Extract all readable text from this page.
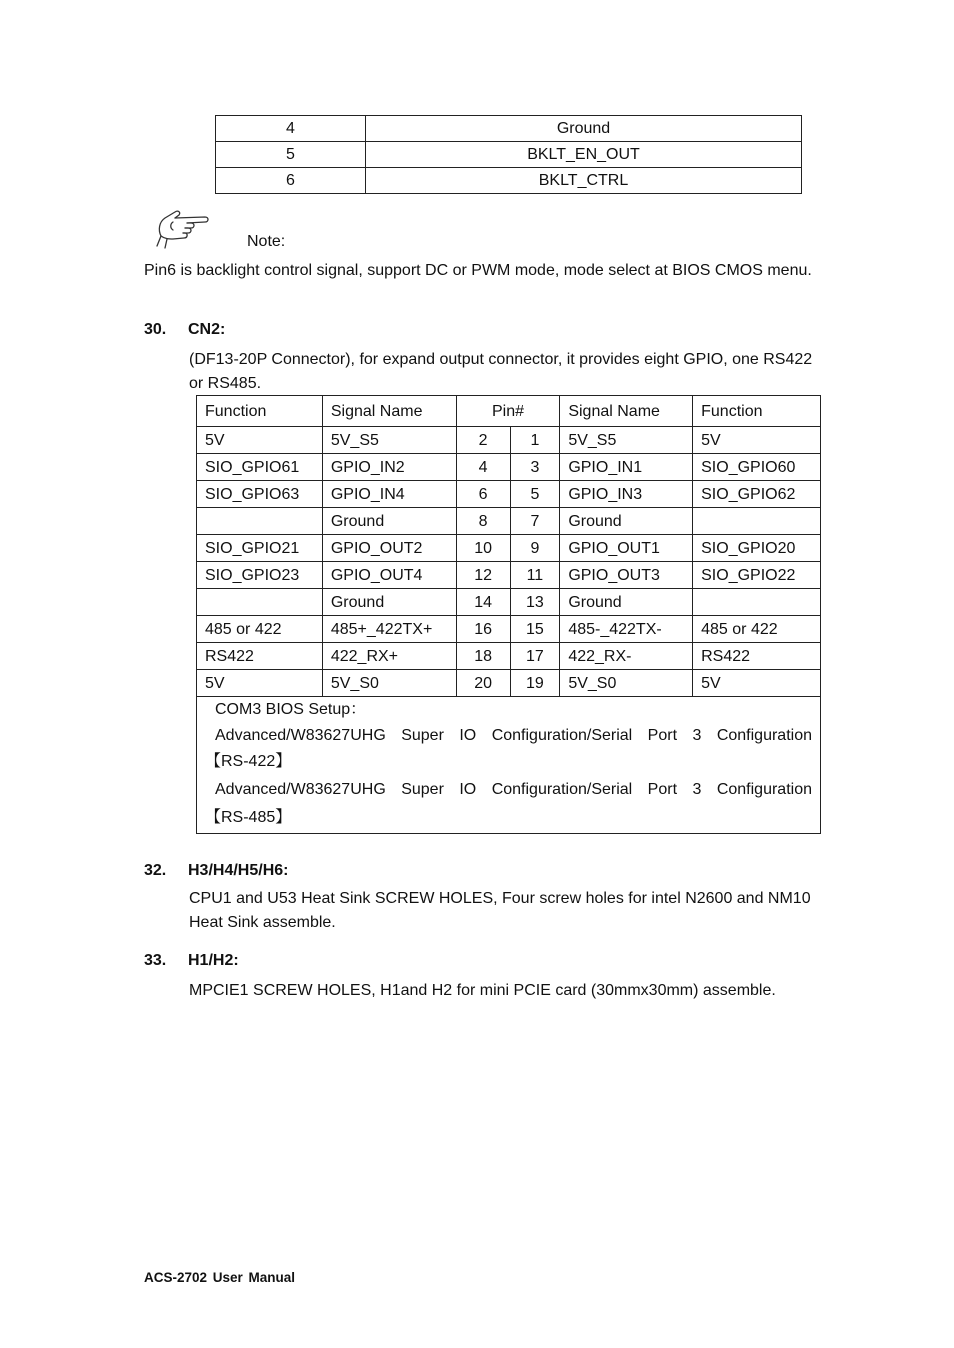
4	Ground
5	BKLT_EN_OUT
6	BKLT_CTRL
Note:
Pin6 is backlight control signal, support DC or PWM mode, mode select at BIOS CMOS menu.
30. CN2:
(DF13-20P Connector), for expand output connector, it provides eight GPIO, one RS422 or RS485.
Function	Signal Name	Pin#		Signal Name	Function
5V	5V_S5	2	1	5V_S5	5V
SIO_GPIO61	GPIO_IN2	4	3	GPIO_IN1	SIO_GPIO60
SIO_GPIO63	GPIO_IN4	6	5	GPIO_IN3	SIO_GPIO62
	Ground	8	7	Ground	
SIO_GPIO21	GPIO_OUT2	10	9	GPIO_OUT1	SIO_GPIO20
SIO_GPIO23	GPIO_OUT4	12	11	GPIO_OUT3	SIO_GPIO22
	Ground	14	13	Ground	
485 or 422	485+_422TX+	16	15	485-_422TX-	485 or 422
RS422	422_RX+	18	17	422_RX-	RS422
5V	5V_S0	20	19	5V_S0	5V

COM3 BIOS Setup：
Advanced/W83627UHG Super IO Configuration/Serial Port 3 Configuration
【RS-422】
Advanced/W83627UHG Super IO Configuration/Serial Port 3 Configuration
【RS-485】					
32. H3/H4/H5/H6:
CPU1 and U53 Heat Sink SCREW HOLES, Four screw holes for intel N2600 and NM10
Heat Sink assemble.
33. H1/H2:
MPCIE1 SCREW HOLES, H1and H2 for mini PCIE card (30mmx30mm) assemble.
ACS-2702 User Manual
